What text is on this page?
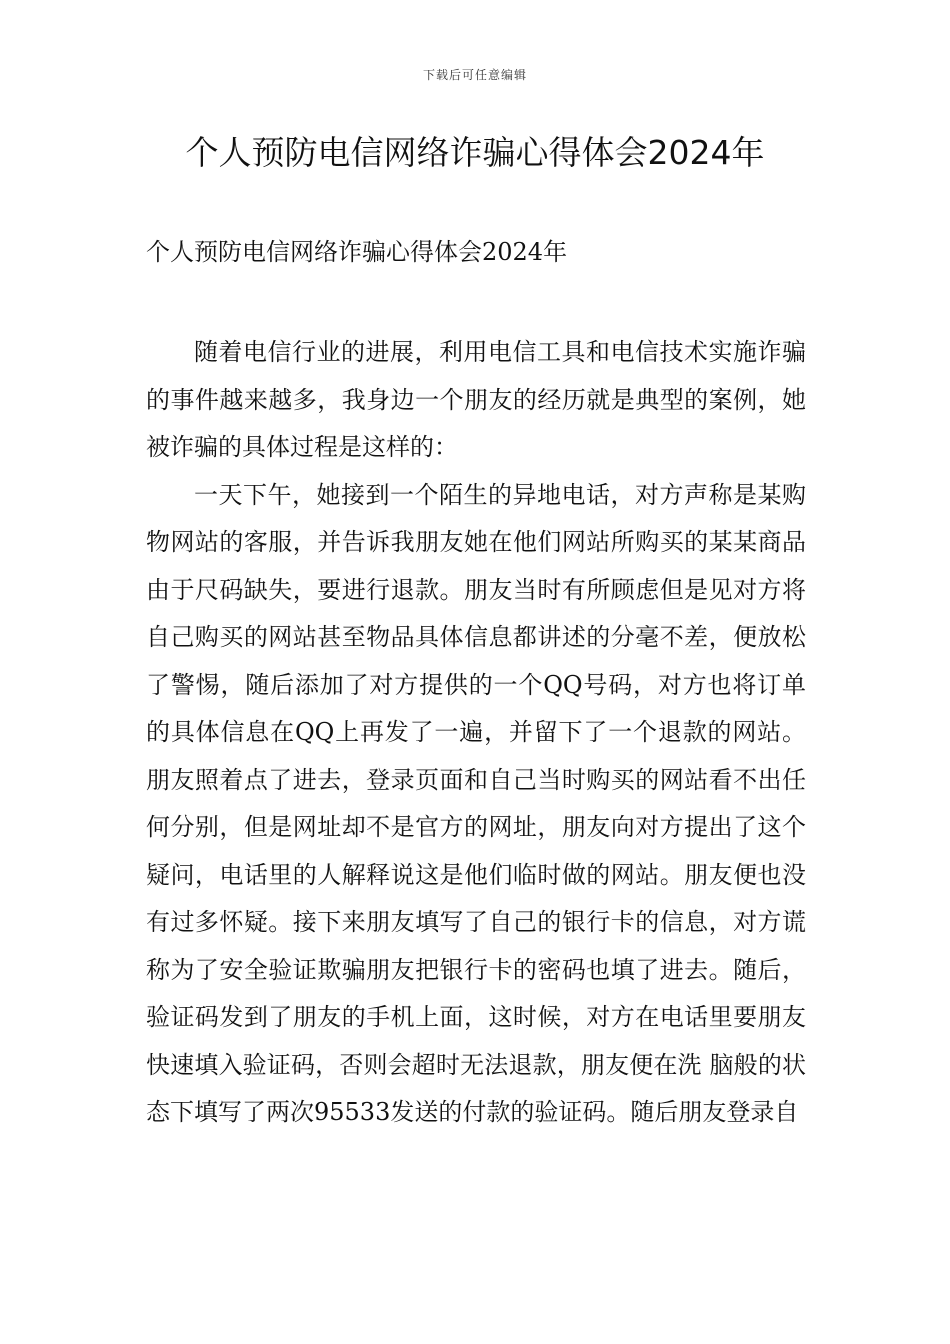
下载后可任意编辑
个人预防电信网络诈骗心得体会2024年

个人预防电信网络诈骗心得体会2024年

随着电信行业的进展，利用电信工具和电信技术实施诈骗的事件越来越多，我身边一个朋友的经历就是典型的案例，她被诈骗的具体过程是这样的：

一天下午，她接到一个陌生的异地电话，对方声称是某购物网站的客服，并告诉我朋友她在他们网站所购买的某某商品由于尺码缺失，要进行退款。朋友当时有所顾虑但是见对方将自己购买的网站甚至物品具体信息都讲述的分毫不差，便放松了警惕，随后添加了对方提供的一个QQ号码，对方也将订单的具体信息在QQ上再发了一遍，并留下了一个退款的网站。朋友照着点了进去，登录页面和自己当时购买的网站看不出任何分别，但是网址却不是官方的网址，朋友向对方提出了这个疑问，电话里的人解释说这是他们临时做的网站。朋友便也没有过多怀疑。接下来朋友填写了自己的银行卡的信息，对方谎称为了安全验证欺骗朋友把银行卡的密码也填了进去。随后，验证码发到了朋友的手机上面，这时候，对方在电话里要朋友快速填入验证码，否则会超时无法退款，朋友便在洗 脑般的状态下填写了两次95533发送的付款的验证码。随后朋友登录自
